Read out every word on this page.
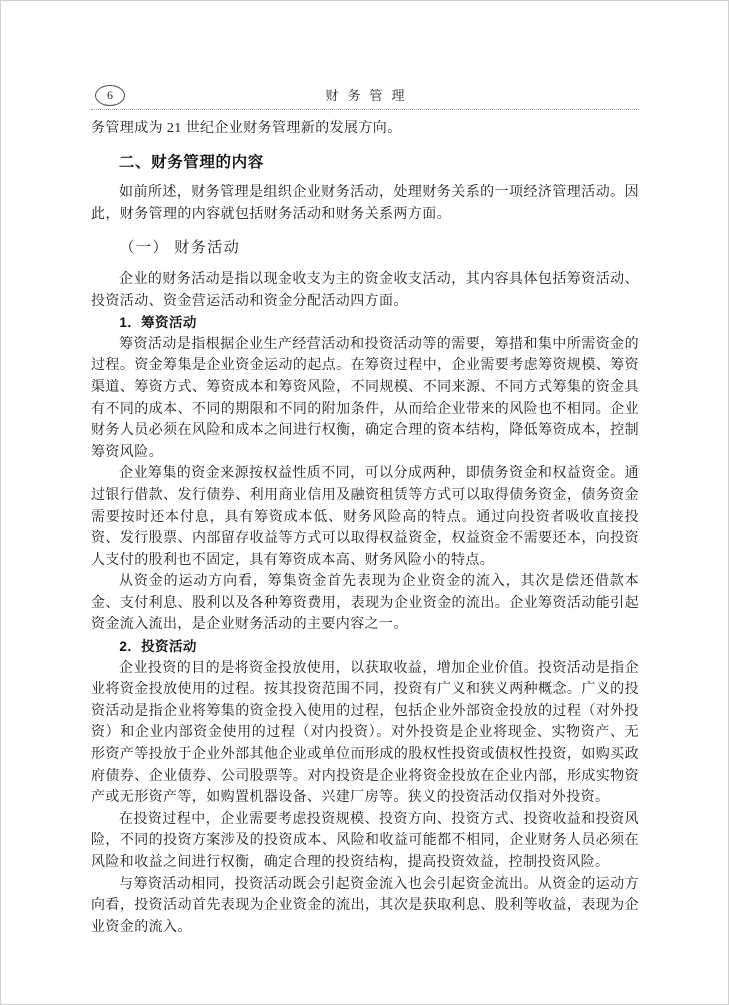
6	财务管理
务管理成为 21 世纪企业财务管理新的发展方向。
二、财务管理的内容
如前所述，财务管理是组织企业财务活动，处理财务关系的一项经济管理活动。因此，财务管理的内容就包括财务活动和财务关系两方面。
（一） 财务活动
企业的财务活动是指以现金收支为主的资金收支活动，其内容具体包括筹资活动、投资活动、资金营运活动和资金分配活动四方面。
1．筹资活动
筹资活动是指根据企业生产经营活动和投资活动等的需要，筹措和集中所需资金的过程。资金筹集是企业资金运动的起点。在筹资过程中，企业需要考虑筹资规模、筹资渠道、筹资方式、筹资成本和筹资风险，不同规模、不同来源、不同方式筹集的资金具有不同的成本、不同的期限和不同的附加条件，从而给企业带来的风险也不相同。企业财务人员必须在风险和成本之间进行权衡，确定合理的资本结构，降低筹资成本，控制筹资风险。
企业筹集的资金来源按权益性质不同，可以分成两种，即债务资金和权益资金。通过银行借款、发行债券、利用商业信用及融资租赁等方式可以取得债务资金，债务资金需要按时还本付息，具有筹资成本低、财务风险高的特点。通过向投资者吸收直接投资、发行股票、内部留存收益等方式可以取得权益资金，权益资金不需要还本，向投资人支付的股利也不固定，具有筹资成本高、财务风险小的特点。
从资金的运动方向看，筹集资金首先表现为企业资金的流入，其次是偿还借款本金、支付利息、股利以及各种筹资费用，表现为企业资金的流出。企业筹资活动能引起资金流入流出，是企业财务活动的主要内容之一。
2．投资活动
企业投资的目的是将资金投放使用，以获取收益，增加企业价值。投资活动是指企业将资金投放使用的过程。按其投资范围不同，投资有广义和狭义两种概念。广义的投资活动是指企业将筹集的资金投入使用的过程，包括企业外部资金投放的过程（对外投资）和企业内部资金使用的过程（对内投资）。对外投资是企业将现金、实物资产、无形资产等投放于企业外部其他企业或单位而形成的股权性投资或债权性投资，如购买政府债券、企业债券、公司股票等。对内投资是企业将资金投放在企业内部，形成实物资产或无形资产等，如购置机器设备、兴建厂房等。狭义的投资活动仅指对外投资。
在投资过程中，企业需要考虑投资规模、投资方向、投资方式、投资收益和投资风险，不同的投资方案涉及的投资成本、风险和收益可能都不相同，企业财务人员必须在风险和收益之间进行权衡，确定合理的投资结构，提高投资效益，控制投资风险。
与筹资活动相同，投资活动既会引起资金流入也会引起资金流出。从资金的运动方向看，投资活动首先表现为企业资金的流出，其次是获取利息、股利等收益，表现为企业资金的流入。
